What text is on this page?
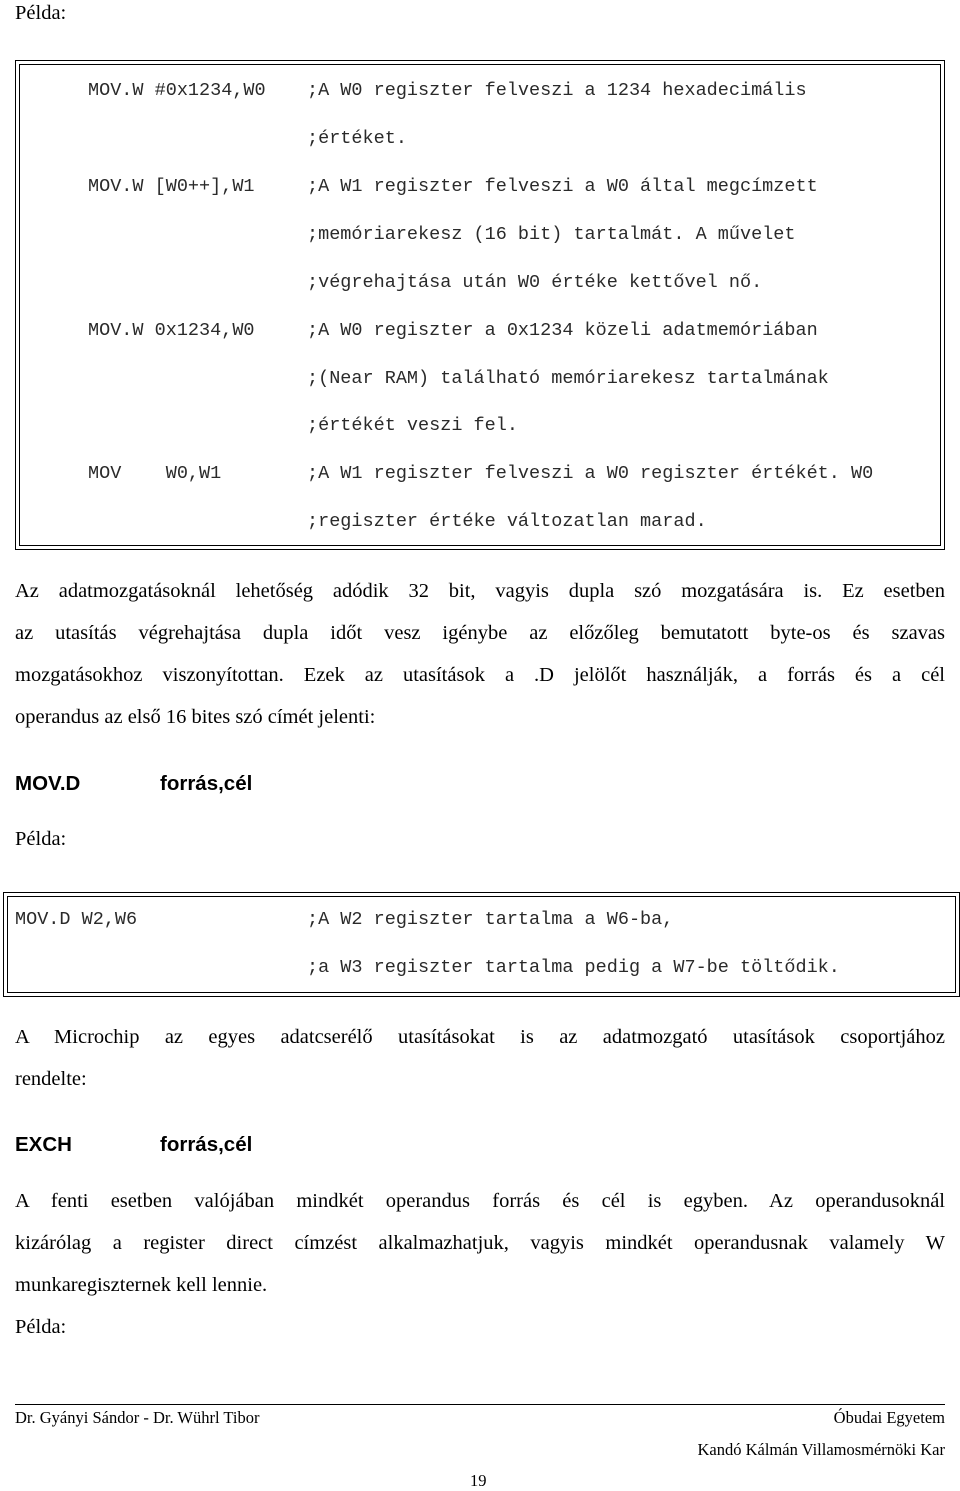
Példa:
MOV.W #0x1234,W0 ;A W0 regiszter felveszi a 1234 hexadecimális
;értéket.
MOV.W [W0++],W1	;A W1 regiszter felveszi a W0 által megcímzett
;memóriarekesz (16 bit) tartalmát. A művelet
;végrehajtása után W0 értéke kettővel nő.
MOV.W 0x1234,W0	;A W0 regiszter a 0x1234 közeli adatmemóriában
;(Near RAM) található memóriarekesz tartalmának
;értékét veszi fel.
MOV    W0,W1	;A W1 regiszter felveszi a W0 regiszter értékét. W0
;regiszter értéke változatlan marad.
Az adatmozgatásoknál lehetőség adódik 32 bit, vagyis dupla szó mozgatására is. Ez esetben
az utasítás végrehajtása dupla időt vesz igénybe az előzőleg bemutatott byte-os és szavas
mozgatásokhoz viszonyítottan. Ezek az utasítások a .D jelölőt használják, a forrás és a cél
operandus az első 16 bites szó címét jelenti:
MOV.D	forrás,cél
Példa:
MOV.D W2,W6	;A W2 regiszter tartalma a W6-ba,
;a W3 regiszter tartalma pedig a W7-be töltődik.
A Microchip az egyes adatcserélő utasításokat is az adatmozgató utasítások csoportjához
rendelte:
EXCH	forrás,cél
A fenti esetben valójában mindkét operandus forrás és cél is egyben. Az operandusoknál
kizárólag a register direct címzést alkalmazhatjuk, vagyis mindkét operandusnak valamely W
munkaregiszternek kell lennie.
Példa:
Dr. Gyányi Sándor - Dr. Wührl Tibor	Óbudai Egyetem
Kandó Kálmán Villamosmérnöki Kar
19
